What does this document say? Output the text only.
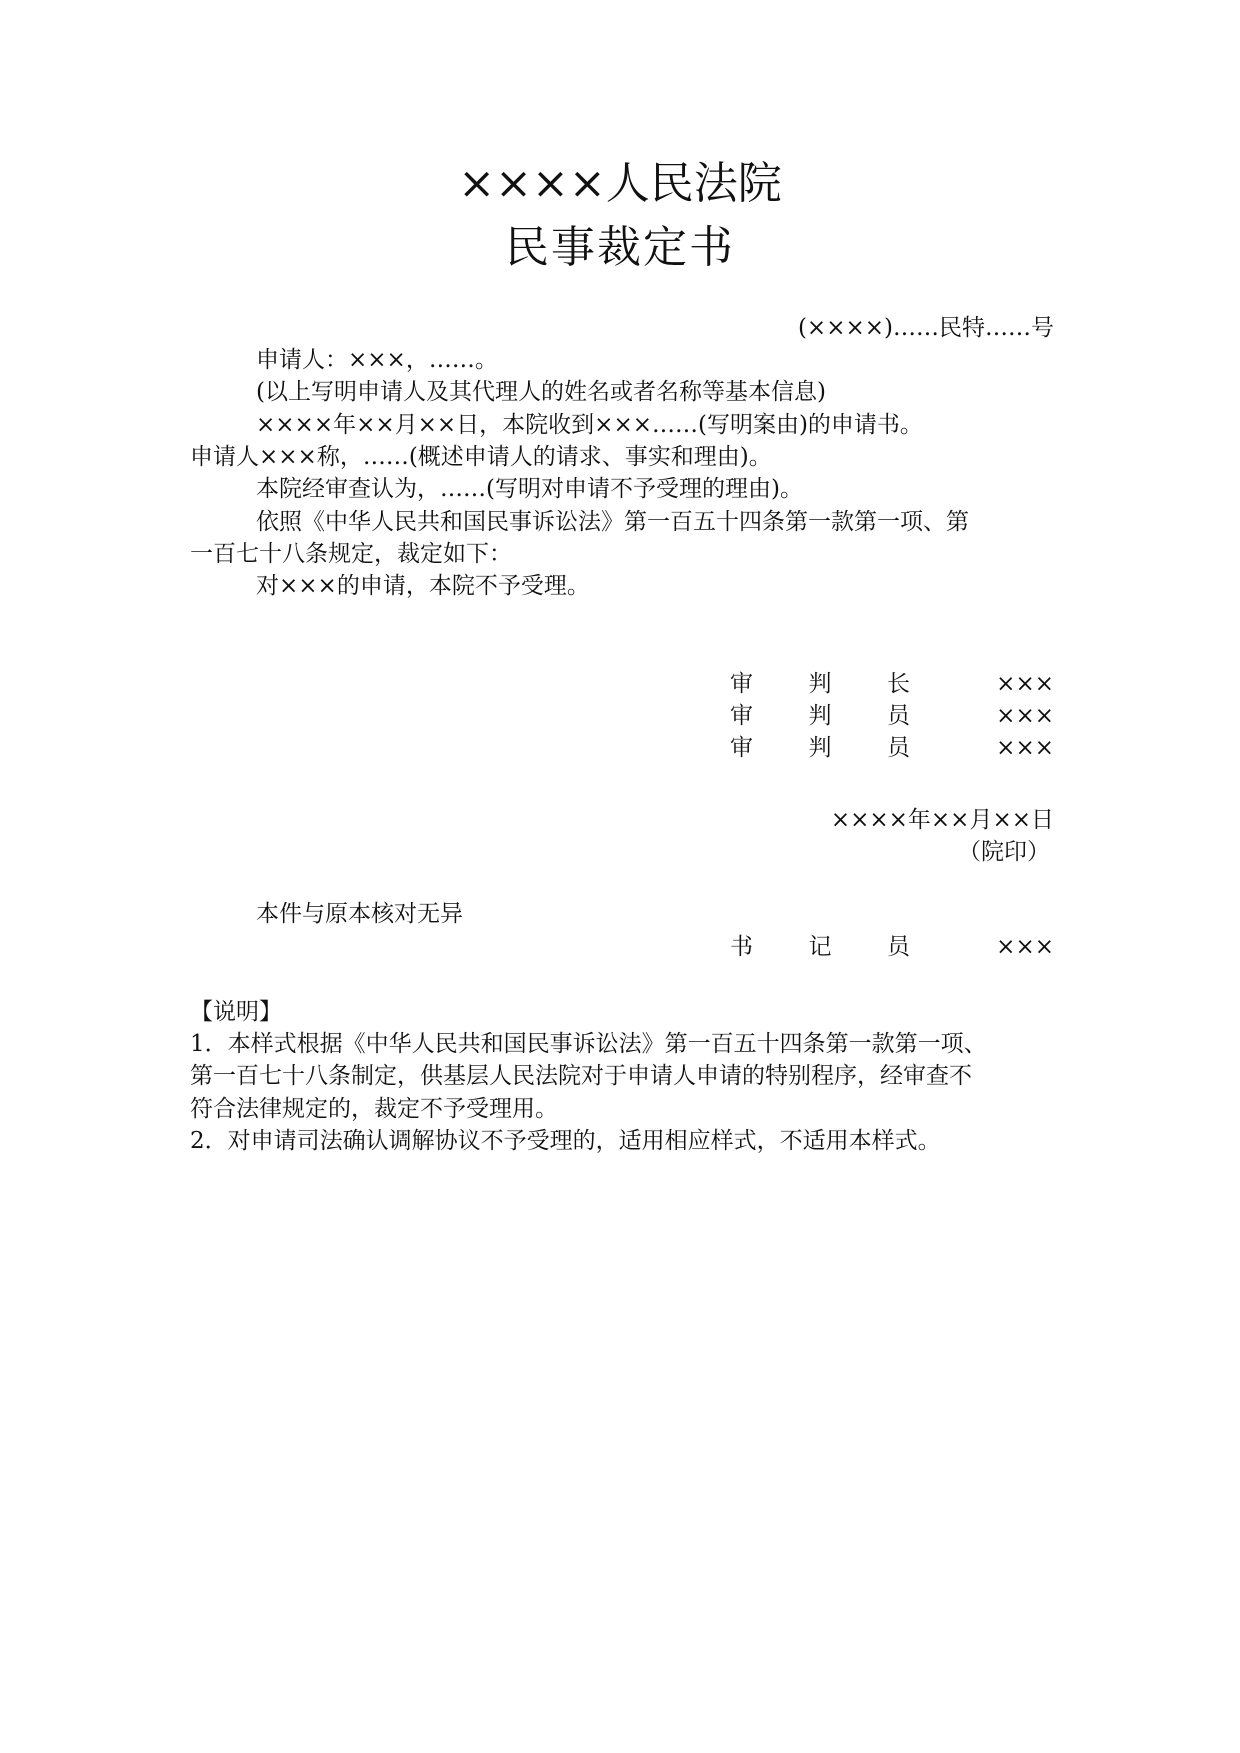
××××人民法院
民事裁定书
(××××)……民特……号
申请人：×××，……。
(以上写明申请人及其代理人的姓名或者名称等基本信息)
××××年××月××日，本院收到×××……(写明案由)的申请书。
申请人×××称，……(概述申请人的请求、事实和理由)。
本院经审查认为，……(写明对申请不予受理的理由)。
依照《中华人民共和国民事诉讼法》第一百五十四条第一款第一项、第
一百七十八条规定，裁定如下：
对×××的申请，本院不予受理。
审 判 长	×××
审 判 员	×××
审 判 员	×××
××××年××月××日
（院印）
本件与原本核对无异
书 记 员	×××
【说明】
1．本样式根据《中华人民共和国民事诉讼法》第一百五十四条第一款第一项、
第一百七十八条制定，供基层人民法院对于申请人申请的特别程序，经审查不
符合法律规定的，裁定不予受理用。
2．对申请司法确认调解协议不予受理的，适用相应样式，不适用本样式。
